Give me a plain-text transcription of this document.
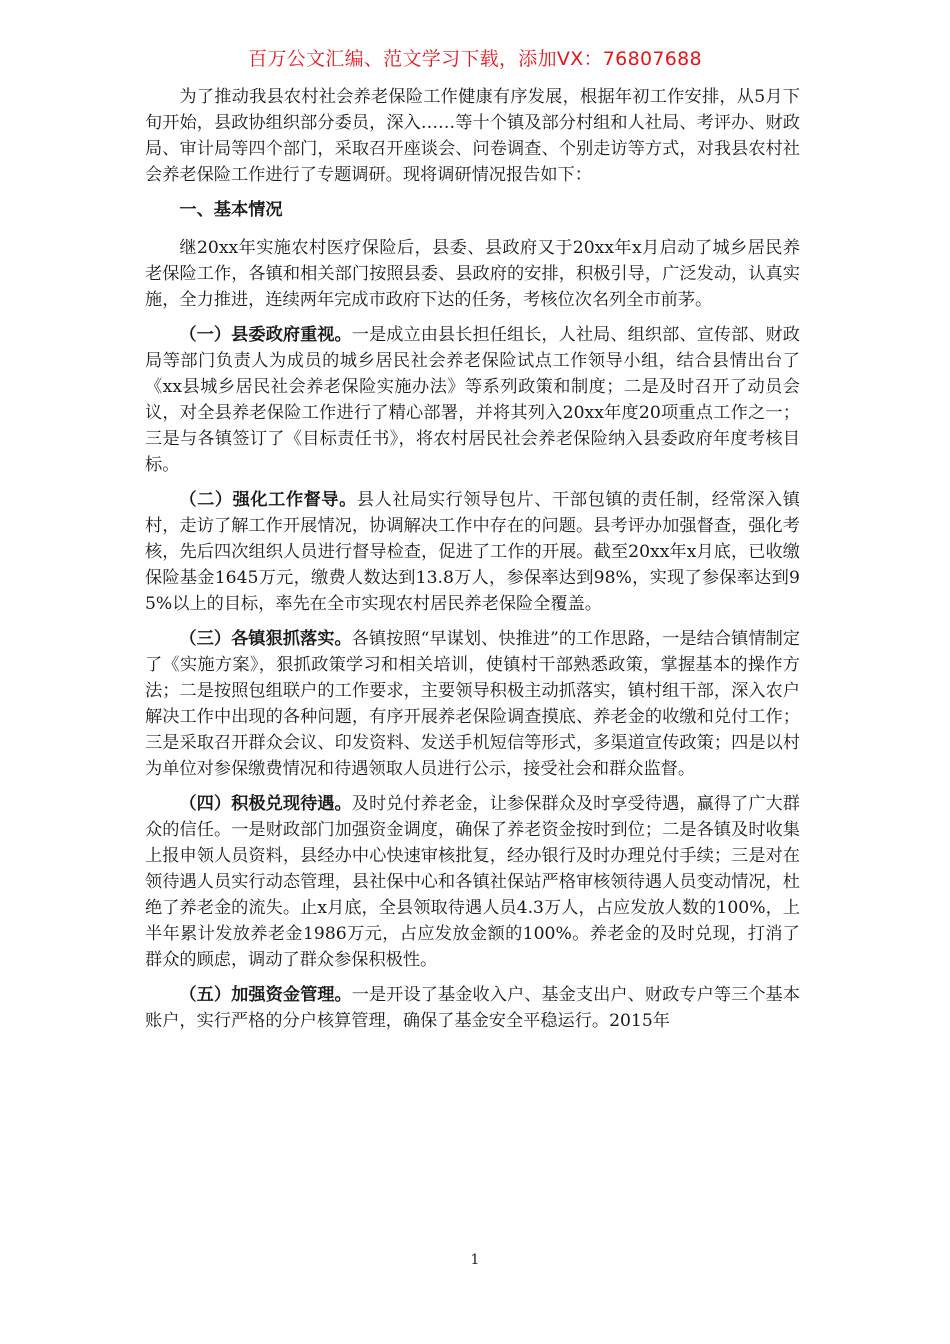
百万公文汇编、范文学习下载，添加VX：76807688

为了推动我县农村社会养老保险工作健康有序发展，根据年初工作安排，从5月下旬开始，县政协组织部分委员，深入……等十个镇及部分村组和人社局、考评办、财政局、审计局等四个部门，采取召开座谈会、问卷调查、个别走访等方式，对我县农村社会养老保险工作进行了专题调研。现将调研情况报告如下：

一、基本情况

继20xx年实施农村医疗保险后，县委、县政府又于20xx年x月启动了城乡居民养老保险工作，各镇和相关部门按照县委、县政府的安排，积极引导，广泛发动，认真实施，全力推进，连续两年完成市政府下达的任务，考核位次名列全市前茅。

（一）县委政府重视。一是成立由县长担任组长，人社局、组织部、宣传部、财政局等部门负责人为成员的城乡居民社会养老保险试点工作领导小组，结合县情出台了《xx县城乡居民社会养老保险实施办法》等系列政策和制度；二是及时召开了动员会议，对全县养老保险工作进行了精心部署，并将其列入20xx年度20项重点工作之一；三是与各镇签订了《目标责任书》，将农村居民社会养老保险纳入县委政府年度考核目标。

（二）强化工作督导。县人社局实行领导包片、干部包镇的责任制，经常深入镇村，走访了解工作开展情况，协调解决工作中存在的问题。县考评办加强督查，强化考核，先后四次组织人员进行督导检查，促进了工作的开展。截至20xx年x月底，已收缴保险基金1645万元，缴费人数达到13.8万人，参保率达到98%，实现了参保率达到95%以上的目标，率先在全市实现农村居民养老保险全覆盖。

（三）各镇狠抓落实。各镇按照“早谋划、快推进”的工作思路，一是结合镇情制定了《实施方案》，狠抓政策学习和相关培训，使镇村干部熟悉政策，掌握基本的操作方法；二是按照包组联户的工作要求，主要领导积极主动抓落实，镇村组干部，深入农户解决工作中出现的各种问题，有序开展养老保险调查摸底、养老金的收缴和兑付工作；三是采取召开群众会议、印发资料、发送手机短信等形式，多渠道宣传政策；四是以村为单位对参保缴费情况和待遇领取人员进行公示，接受社会和群众监督。

（四）积极兑现待遇。及时兑付养老金，让参保群众及时享受待遇，赢得了广大群众的信任。一是财政部门加强资金调度，确保了养老资金按时到位；二是各镇及时收集上报申领人员资料，县经办中心快速审核批复，经办银行及时办理兑付手续；三是对在领待遇人员实行动态管理，县社保中心和各镇社保站严格审核领待遇人员变动情况，杜绝了养老金的流失。止x月底，全县领取待遇人员4.3万人，占应发放人数的100%，上半年累计发放养老金1986万元，占应发放金额的100%。养老金的及时兑现，打消了群众的顾虑，调动了群众参保积极性。

（五）加强资金管理。一是开设了基金收入户、基金支出户、财政专户等三个基本账户，实行严格的分户核算管理，确保了基金安全平稳运行。2015年

1
